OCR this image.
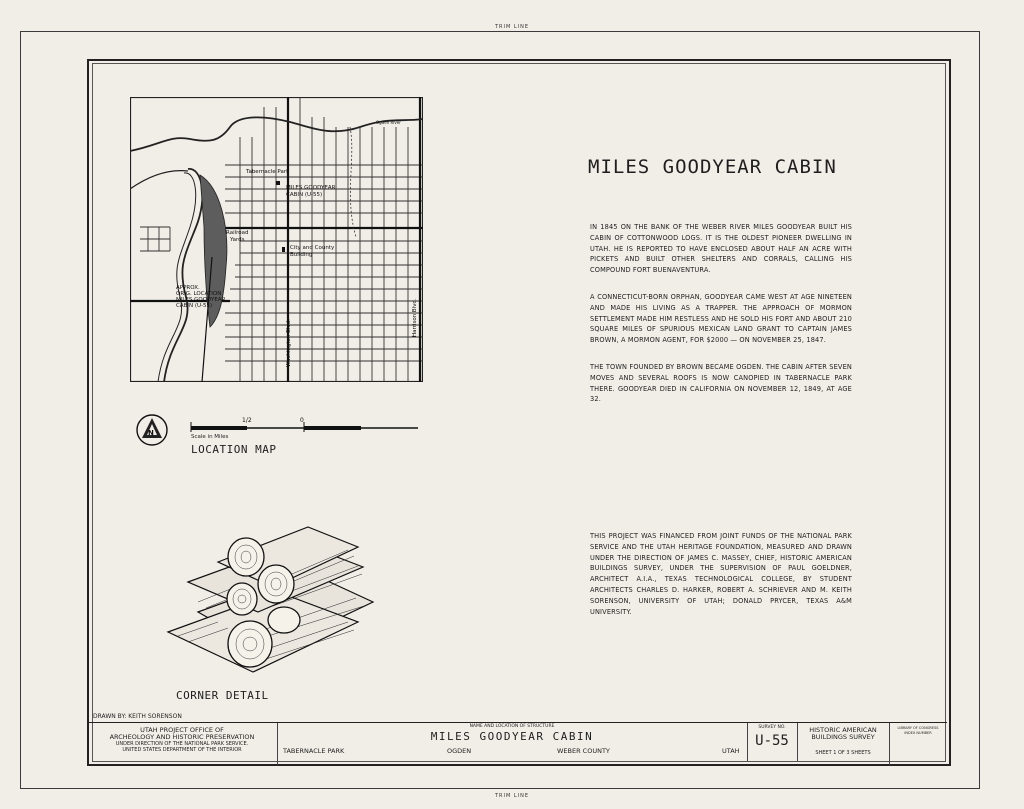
TRIM LINE
TRIM LINE
Tabernacle Park
MILES GOODYEAR
CABIN (U-55)
City and County
Building
Railroad
Yards
APPROX.
ORIG. LOCATION
MILES GOODYEAR
CABIN (U-55)
Ogden River
Washington Blvd.
Harrison Blvd.
N
1/2	0
Scale in Miles
LOCATION MAP
MILES GOODYEAR CABIN

IN 1845 ON THE BANK OF THE WEBER RIVER MILES GOODYEAR BUILT HIS CABIN OF COTTONWOOD LOGS. IT IS THE OLDEST PIONEER DWELLING IN UTAH. HE IS REPORTED TO HAVE ENCLOSED ABOUT HALF AN ACRE WITH PICKETS AND BUILT OTHER SHELTERS AND CORRALS, CALLING HIS COMPOUND FORT BUENAVENTURA.

A CONNECTICUT-BORN ORPHAN, GOODYEAR CAME WEST AT AGE NINETEEN AND MADE HIS LIVING AS A TRAPPER. THE APPROACH OF MORMON SETTLEMENT MADE HIM RESTLESS AND HE SOLD HIS FORT AND ABOUT 210 SQUARE MILES OF SPURIOUS MEXICAN LAND GRANT TO CAPTAIN JAMES BROWN, A MORMON AGENT, FOR $2000 — ON NOVEMBER 25, 1847.

THE TOWN FOUNDED BY BROWN BECAME OGDEN. THE CABIN AFTER SEVEN MOVES AND SEVERAL ROOFS IS NOW CANOPIED IN TABERNACLE PARK THERE. GOODYEAR DIED IN CALIFORNIA ON NOVEMBER 12, 1849, AT AGE 32.

THIS PROJECT WAS FINANCED FROM JOINT FUNDS OF THE NATIONAL PARK SERVICE AND THE UTAH HERITAGE FOUNDATION, MEASURED AND DRAWN UNDER THE DIRECTION OF JAMES C. MASSEY, CHIEF, HISTORIC AMERICAN BUILDINGS SURVEY, UNDER THE SUPERVISION OF PAUL GOELDNER, ARCHITECT A.I.A., TEXAS TECHNOLOGICAL COLLEGE, BY STUDENT ARCHITECTS CHARLES D. HARKER, ROBERT A. SCHRIEVER AND M. KEITH SORENSON, UNIVERSITY OF UTAH; DONALD PRYCER, TEXAS A&M UNIVERSITY.

CORNER DETAIL
DRAWN BY: KEITH SORENSON
UTAH PROJECT OFFICE OF
ARCHEOLOGY AND HISTORIC PRESERVATION
UNDER DIRECTION OF THE NATIONAL PARK SERVICE.
UNITED STATES DEPARTMENT OF THE INTERIOR
NAME AND LOCATION OF STRUCTURE
MILES GOODYEAR CABIN
TABERNACLE PARK	OGDEN	WEBER COUNTY	UTAH
SURVEY NO.
U-55
HISTORIC AMERICAN
BUILDINGS SURVEY
SHEET 1 OF 3 SHEETS
LIBRARY OF CONGRESS
INDEX NUMBER
